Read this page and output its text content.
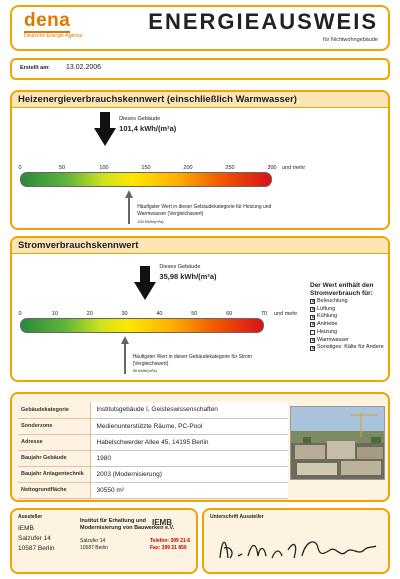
dena
Deutsche Energie-Agentur
ENERGIEAUSWEIS
für Nichtwohngebäude
Erstellt am: 13.02.2006
Heizenergieverbrauchskennwert (einschließlich Warmwasser)
Dieses Gebäude
101,4 kWh/(m²a)
0	50	100	150	200	250	300 und mehr
Häufigster Wert in dieser Gebäudekategorie für Heizung und Warmwasser (Vergleichswert)
130 kWh/(m²a)
Stromverbrauchskennwert
Dieses Gebäude
35,98 kWh/(m²a)
0	10	20	30	40	50	60	70	und mehr
Häufigster Wert in dieser Gebäudekategorie für Strom (Vergleichswert)
30 kWh/(m²a)
Der Wert enthält den Stromverbrauch für:
✕ Beleuchtung
✕ Lüftung
✕ Kühlung
✕ Antriebe
Heizung
✕ Warmwasser
✕ Sonstiges: Kälte für Andere
Gebäudekategorie	Institutsgebäude I, Geisteswissenschaften
Sonderzone	Medienunterstützte Räume, PC-Pool
Adresse	Habelschwerder Allee 45, 14195 Berlin
Baujahr Gebäude	1980
Baujahr Anlagentechnik	2003 (Modernisierung)
Nettogrundfläche	30550 m²
Aussteller
IEMB
Salzufer 14
10587 Berlin
Institut für Erhaltung und
Modernisierung von Bauwerken e.V.
IEMB
Salzufer 14
10587 Berlin
Telefon: 399 21-6
Fax: 399 21 850
Unterschrift Aussteller
